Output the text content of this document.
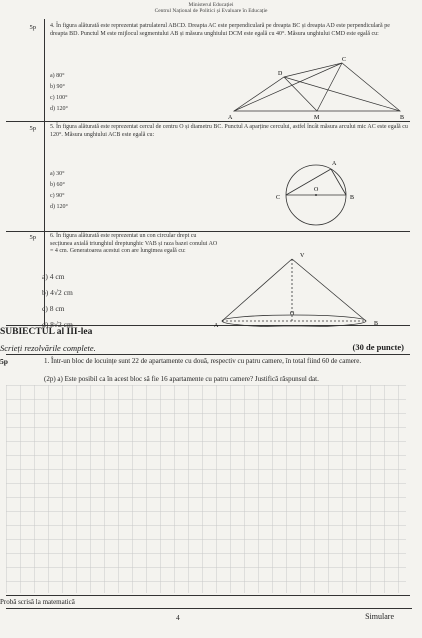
Ministerul Educației
Centrul Național de Politici și Evaluare în Educație
5p 4. În figura alăturată este reprezentat patrulaterul ABCD. Dreapta AC este perpendiculară pe dreapta BC și dreapta AD este perpendiculară pe dreapta BD. Punctul M este mijlocul segmentului AB și măsura unghiului DCM este egală cu 40°. Măsura unghiului CMD este egală cu:
a) 80°
b) 90°
c) 100°
d) 120°
A	B
C
D
M
5p 5. În figura alăturată este reprezentat cercul de centru O și diametru BC. Punctul A aparține cercului, astfel încât măsura arcului mic AC este egală cu 120°. Măsura unghiului ACB este egală cu:
a) 30°
b) 60°
c) 90°
d) 120°
A
C	B
O
5p 6. În figura alăturată este reprezentat un con circular drept cu secțiunea axială triunghiul dreptunghic VAB și raza bazei conului AO = 4 cm. Generatoarea acestui con are lungimea egală cu:
a) 4 cm
b) 4√2 cm
c) 8 cm
d) 8√2 cm
V
A	B
O
SUBIECTUL al III-lea
Scrieți rezolvările complete.	(30 de puncte)
5p	1. Într-un bloc de locuințe sunt 22 de apartamente cu două, respectiv cu patru camere, în total fiind 60 de camere.
(2p) a) Este posibil ca în acest bloc să fie 16 apartamente cu patru camere? Justifică răspunsul dat.
Probă scrisă la matematică
4	Simulare
